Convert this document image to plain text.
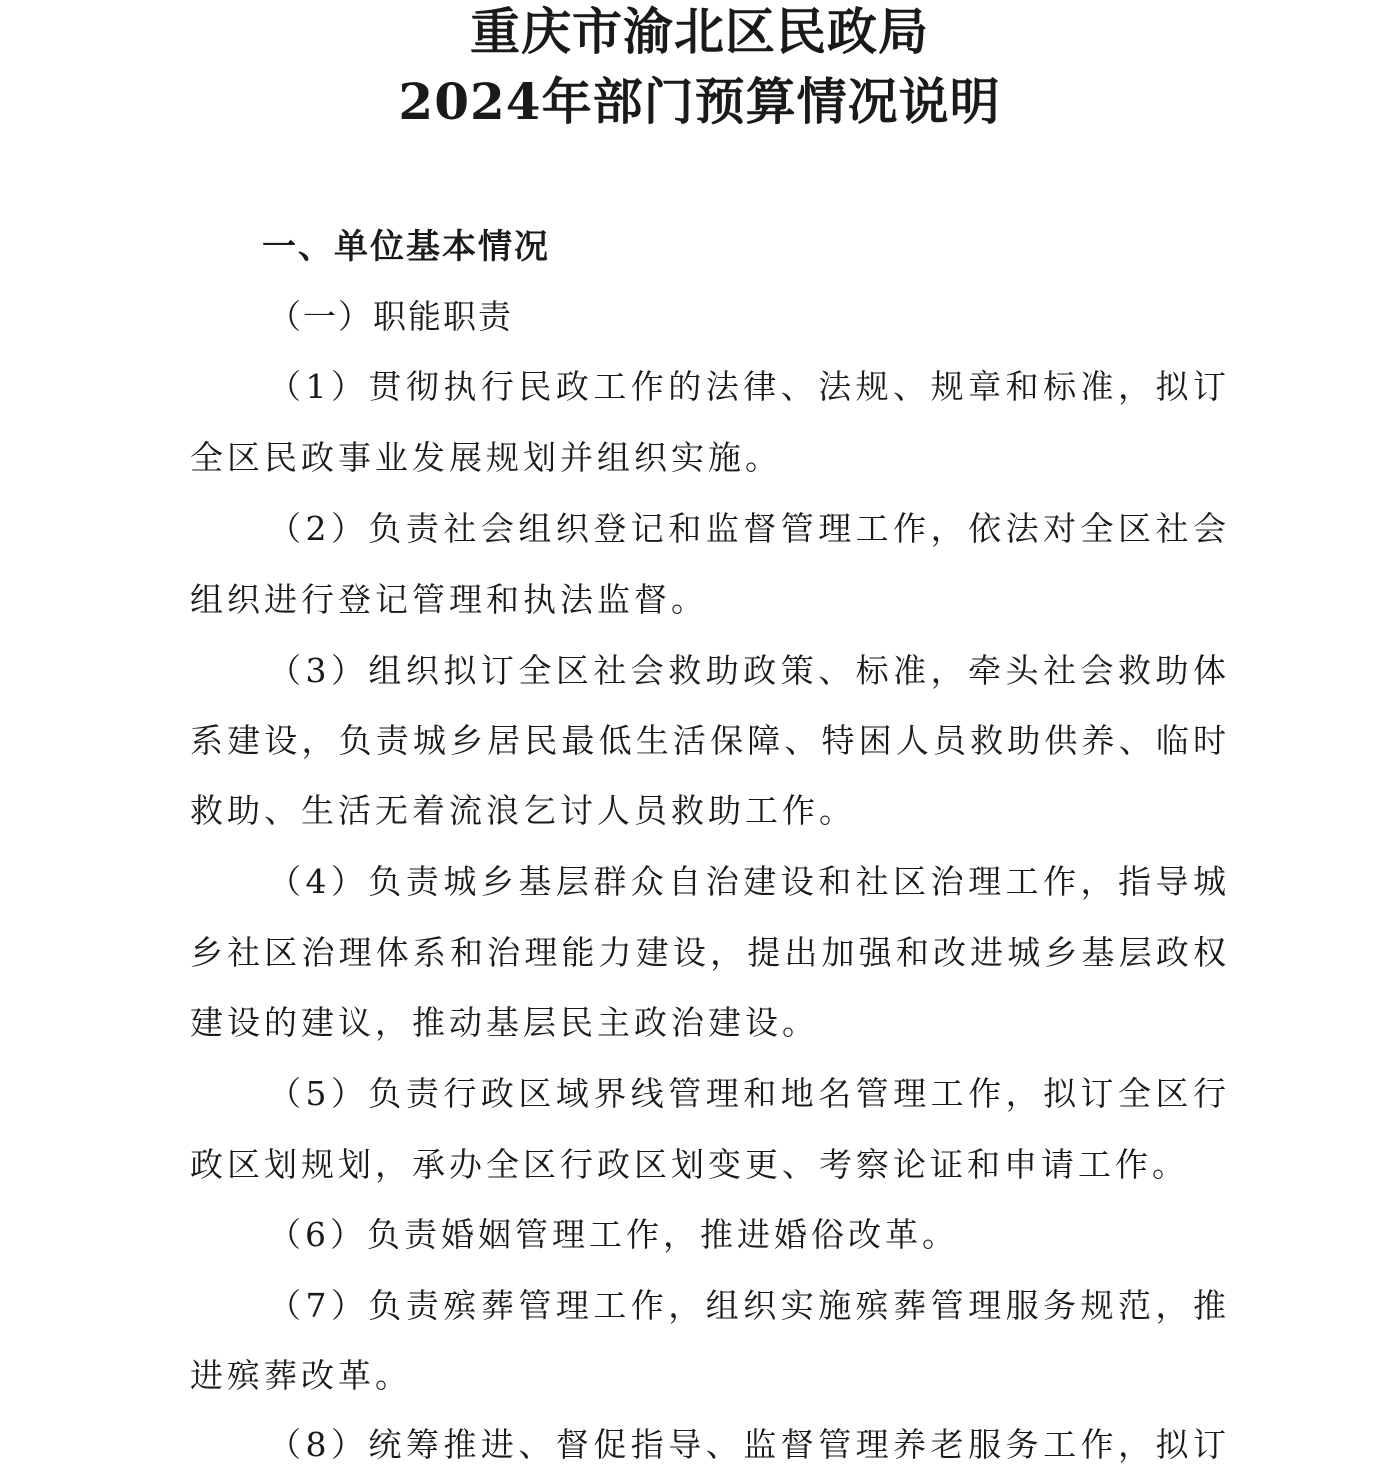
重庆市渝北区民政局
2024年部门预算情况说明
一、单位基本情况
（一）职能职责
（1）贯彻执行民政工作的法律、法规、规章和标准，拟订
全区民政事业发展规划并组织实施。
（2）负责社会组织登记和监督管理工作，依法对全区社会
组织进行登记管理和执法监督。
（3）组织拟订全区社会救助政策、标准，牵头社会救助体
系建设，负责城乡居民最低生活保障、特困人员救助供养、临时
救助、生活无着流浪乞讨人员救助工作。
（4）负责城乡基层群众自治建设和社区治理工作，指导城
乡社区治理体系和治理能力建设，提出加强和改进城乡基层政权
建设的建议，推动基层民主政治建设。
（5）负责行政区域界线管理和地名管理工作，拟订全区行
政区划规划，承办全区行政区划变更、考察论证和申请工作。
（6）负责婚姻管理工作，推进婚俗改革。
（7）负责殡葬管理工作，组织实施殡葬管理服务规范，推
进殡葬改革。
（8）统筹推进、督促指导、监督管理养老服务工作，拟订
